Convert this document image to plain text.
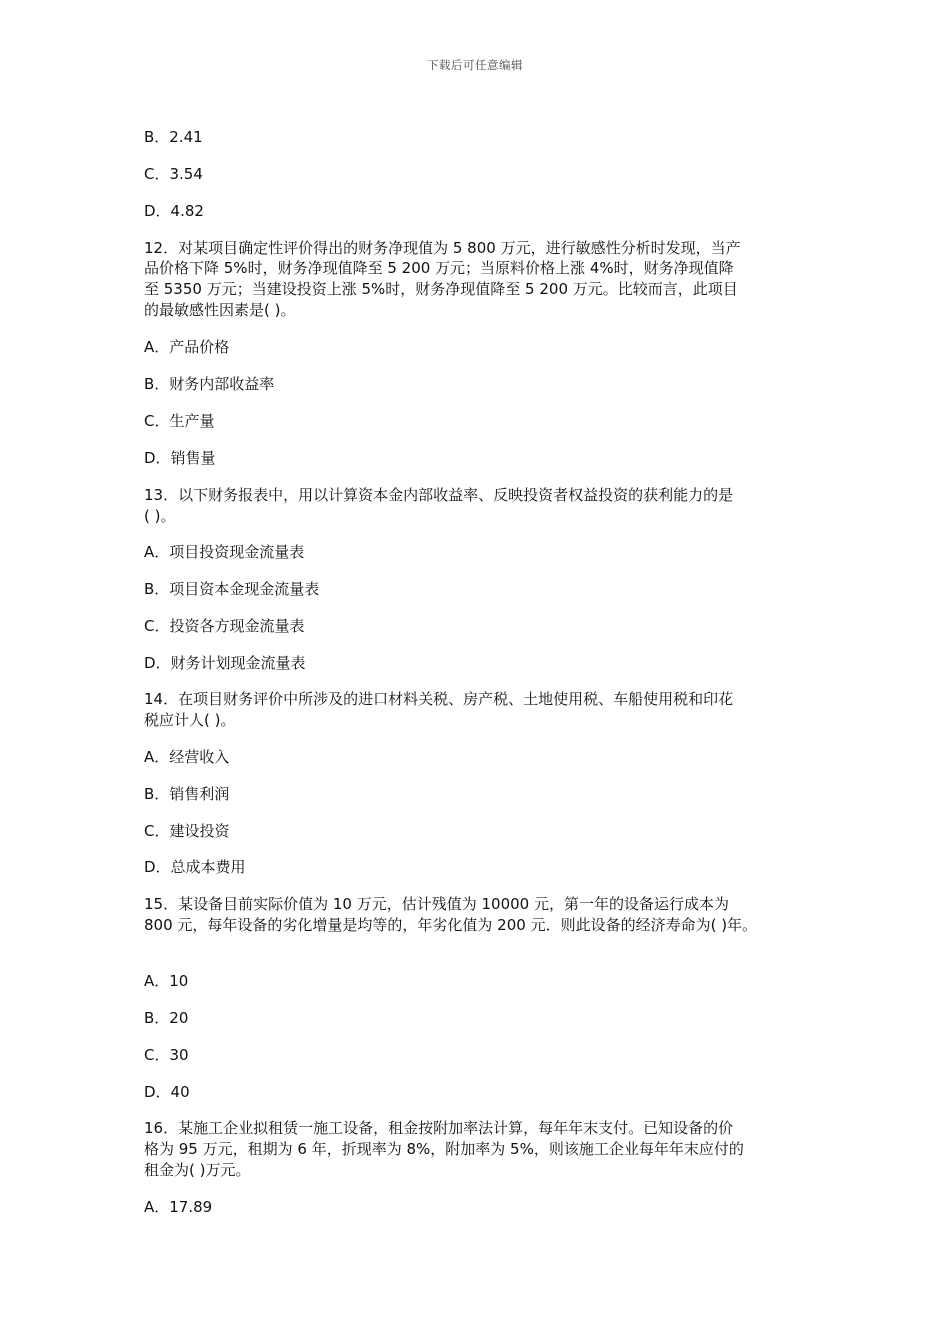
下载后可任意编辑
B．2.41
C．3.54
D．4.82
12．对某项目确定性评价得出的财务净现值为 5 800 万元，进行敏感性分析时发现，当产
品价格下降 5%时，财务净现值降至 5 200 万元；当原料价格上涨 4%时，财务净现值降
至 5350 万元；当建设投资上涨 5%时，财务净现值降至 5 200 万元。比较而言，此项目
的最敏感性因素是( )。
A．产品价格
B．财务内部收益率
C．生产量
D．销售量
13．以下财务报表中，用以计算资本金内部收益率、反映投资者权益投资的获利能力的是
( )。
A．项目投资现金流量表
B．项目资本金现金流量表
C．投资各方现金流量表
D．财务计划现金流量表
14．在项目财务评价中所涉及的进口材料关税、房产税、土地使用税、车船使用税和印花
税应计人( )。
A．经营收入
B．销售利润
C．建设投资
D．总成本费用
15．某设备目前实际价值为 10 万元，估计残值为 10000 元，第一年的设备运行成本为
800 元，每年设备的劣化增量是均等的，年劣化值为 200 元．则此设备的经济寿命为( )年。
A．10
B．20
C．30
D．40
16．某施工企业拟租赁一施工设备，租金按附加率法计算，每年年末支付。已知设备的价
格为 95 万元，租期为 6 年，折现率为 8%，附加率为 5%，则该施工企业每年年末应付的
租金为( )万元。
A．17.89
